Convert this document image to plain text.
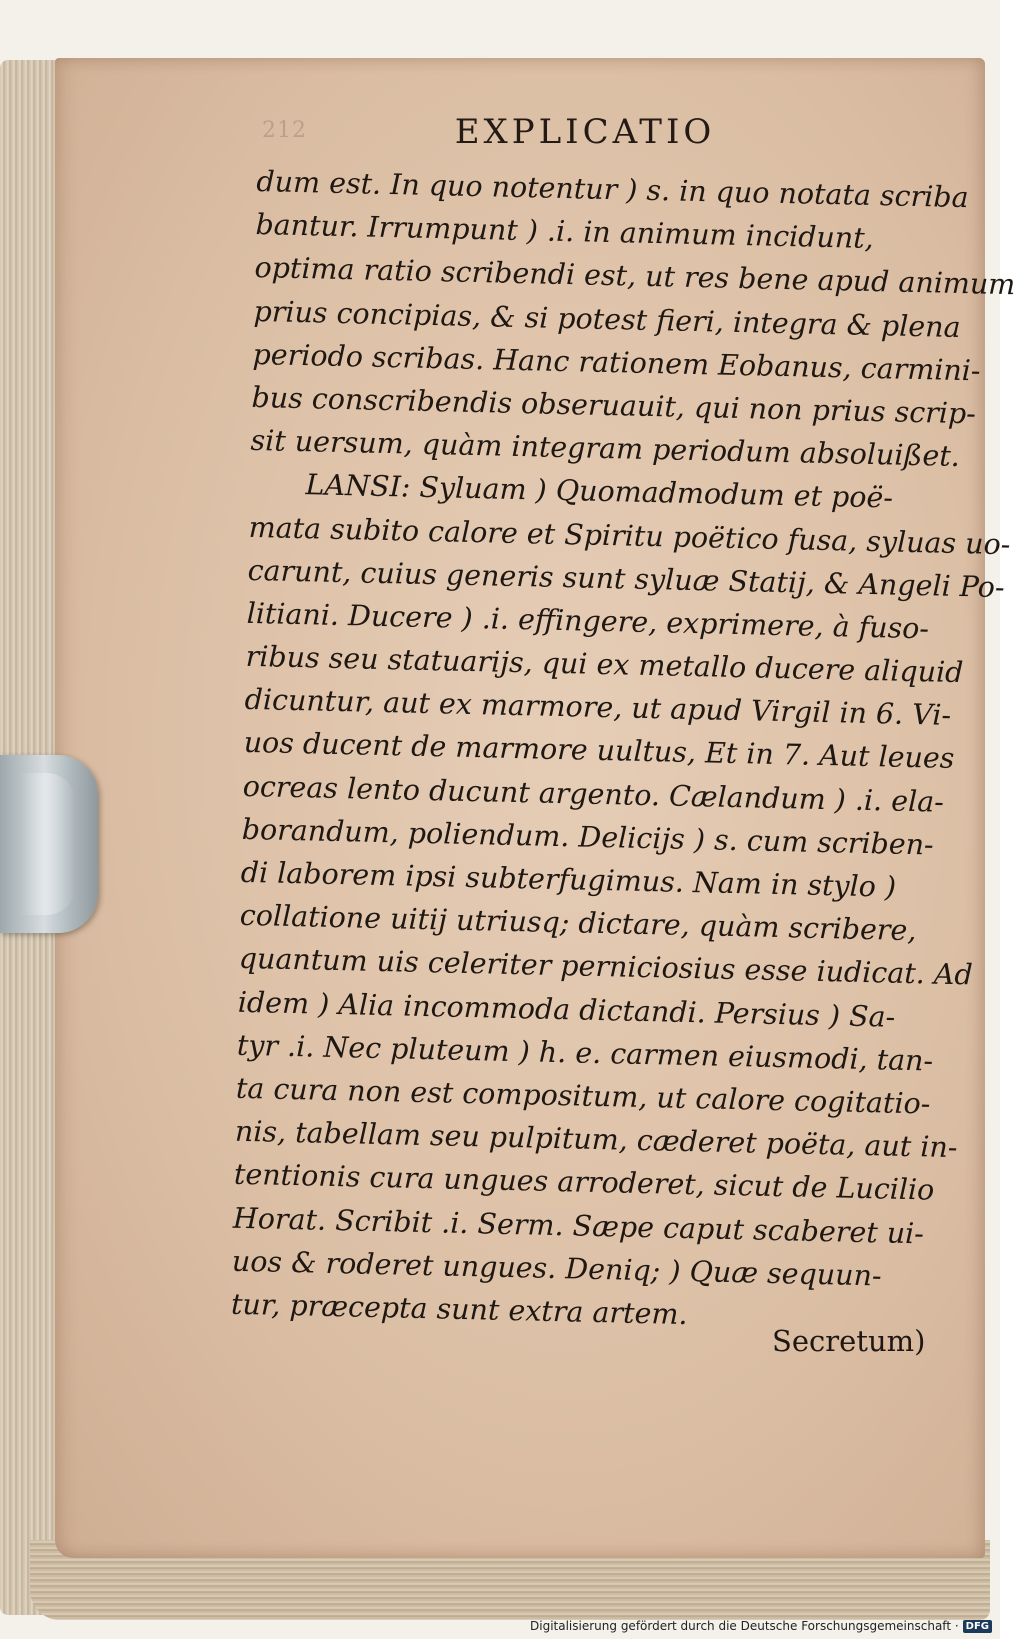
212	EXPLICATIO
dum est. In quo notentur ) s. in quo notata scriba
bantur. Irrumpunt ) .i. in animum incidunt,
optima ratio scribendi est, ut res bene apud animum
prius concipias, & si potest fieri, integra & plena
periodo scribas. Hanc rationem Eobanus, carmini-
bus conscribendis obseruauit, qui non prius scrip-
sit uersum, quàm integram periodum absoluißet.
LANSI: Syluam ) Quomadmodum et poë-
mata subito calore et Spiritu poëtico fusa, syluas uo-
carunt, cuius generis sunt syluæ Statij, & Angeli Po-
litiani. Ducere ) .i. effingere, exprimere, à fuso-
ribus seu statuarijs, qui ex metallo ducere aliquid
dicuntur, aut ex marmore, ut apud Virgil in 6. Vi-
uos ducent de marmore uultus, Et in 7. Aut leues
ocreas lento ducunt argento. Cælandum ) .i. ela-
borandum, poliendum. Delicijs ) s. cum scriben-
di laborem ipsi subterfugimus. Nam in stylo )
collatione uitij utriusq; dictare, quàm scribere,
quantum uis celeriter perniciosius esse iudicat. Ad
idem ) Alia incommoda dictandi. Persius ) Sa-
tyr .i. Nec pluteum ) h. e. carmen eiusmodi, tan-
ta cura non est compositum, ut calore cogitatio-
nis, tabellam seu pulpitum, cæderet poëta, aut in-
tentionis cura ungues arroderet, sicut de Lucilio
Horat. Scribit .i. Serm. Sæpe caput scaberet ui-
uos & roderet ungues. Deniq; ) Quæ sequun-
tur, præcepta sunt extra artem.
Secretum)
Digitalisierung gefördert durch die Deutsche Forschungsgemeinschaft · DFG
